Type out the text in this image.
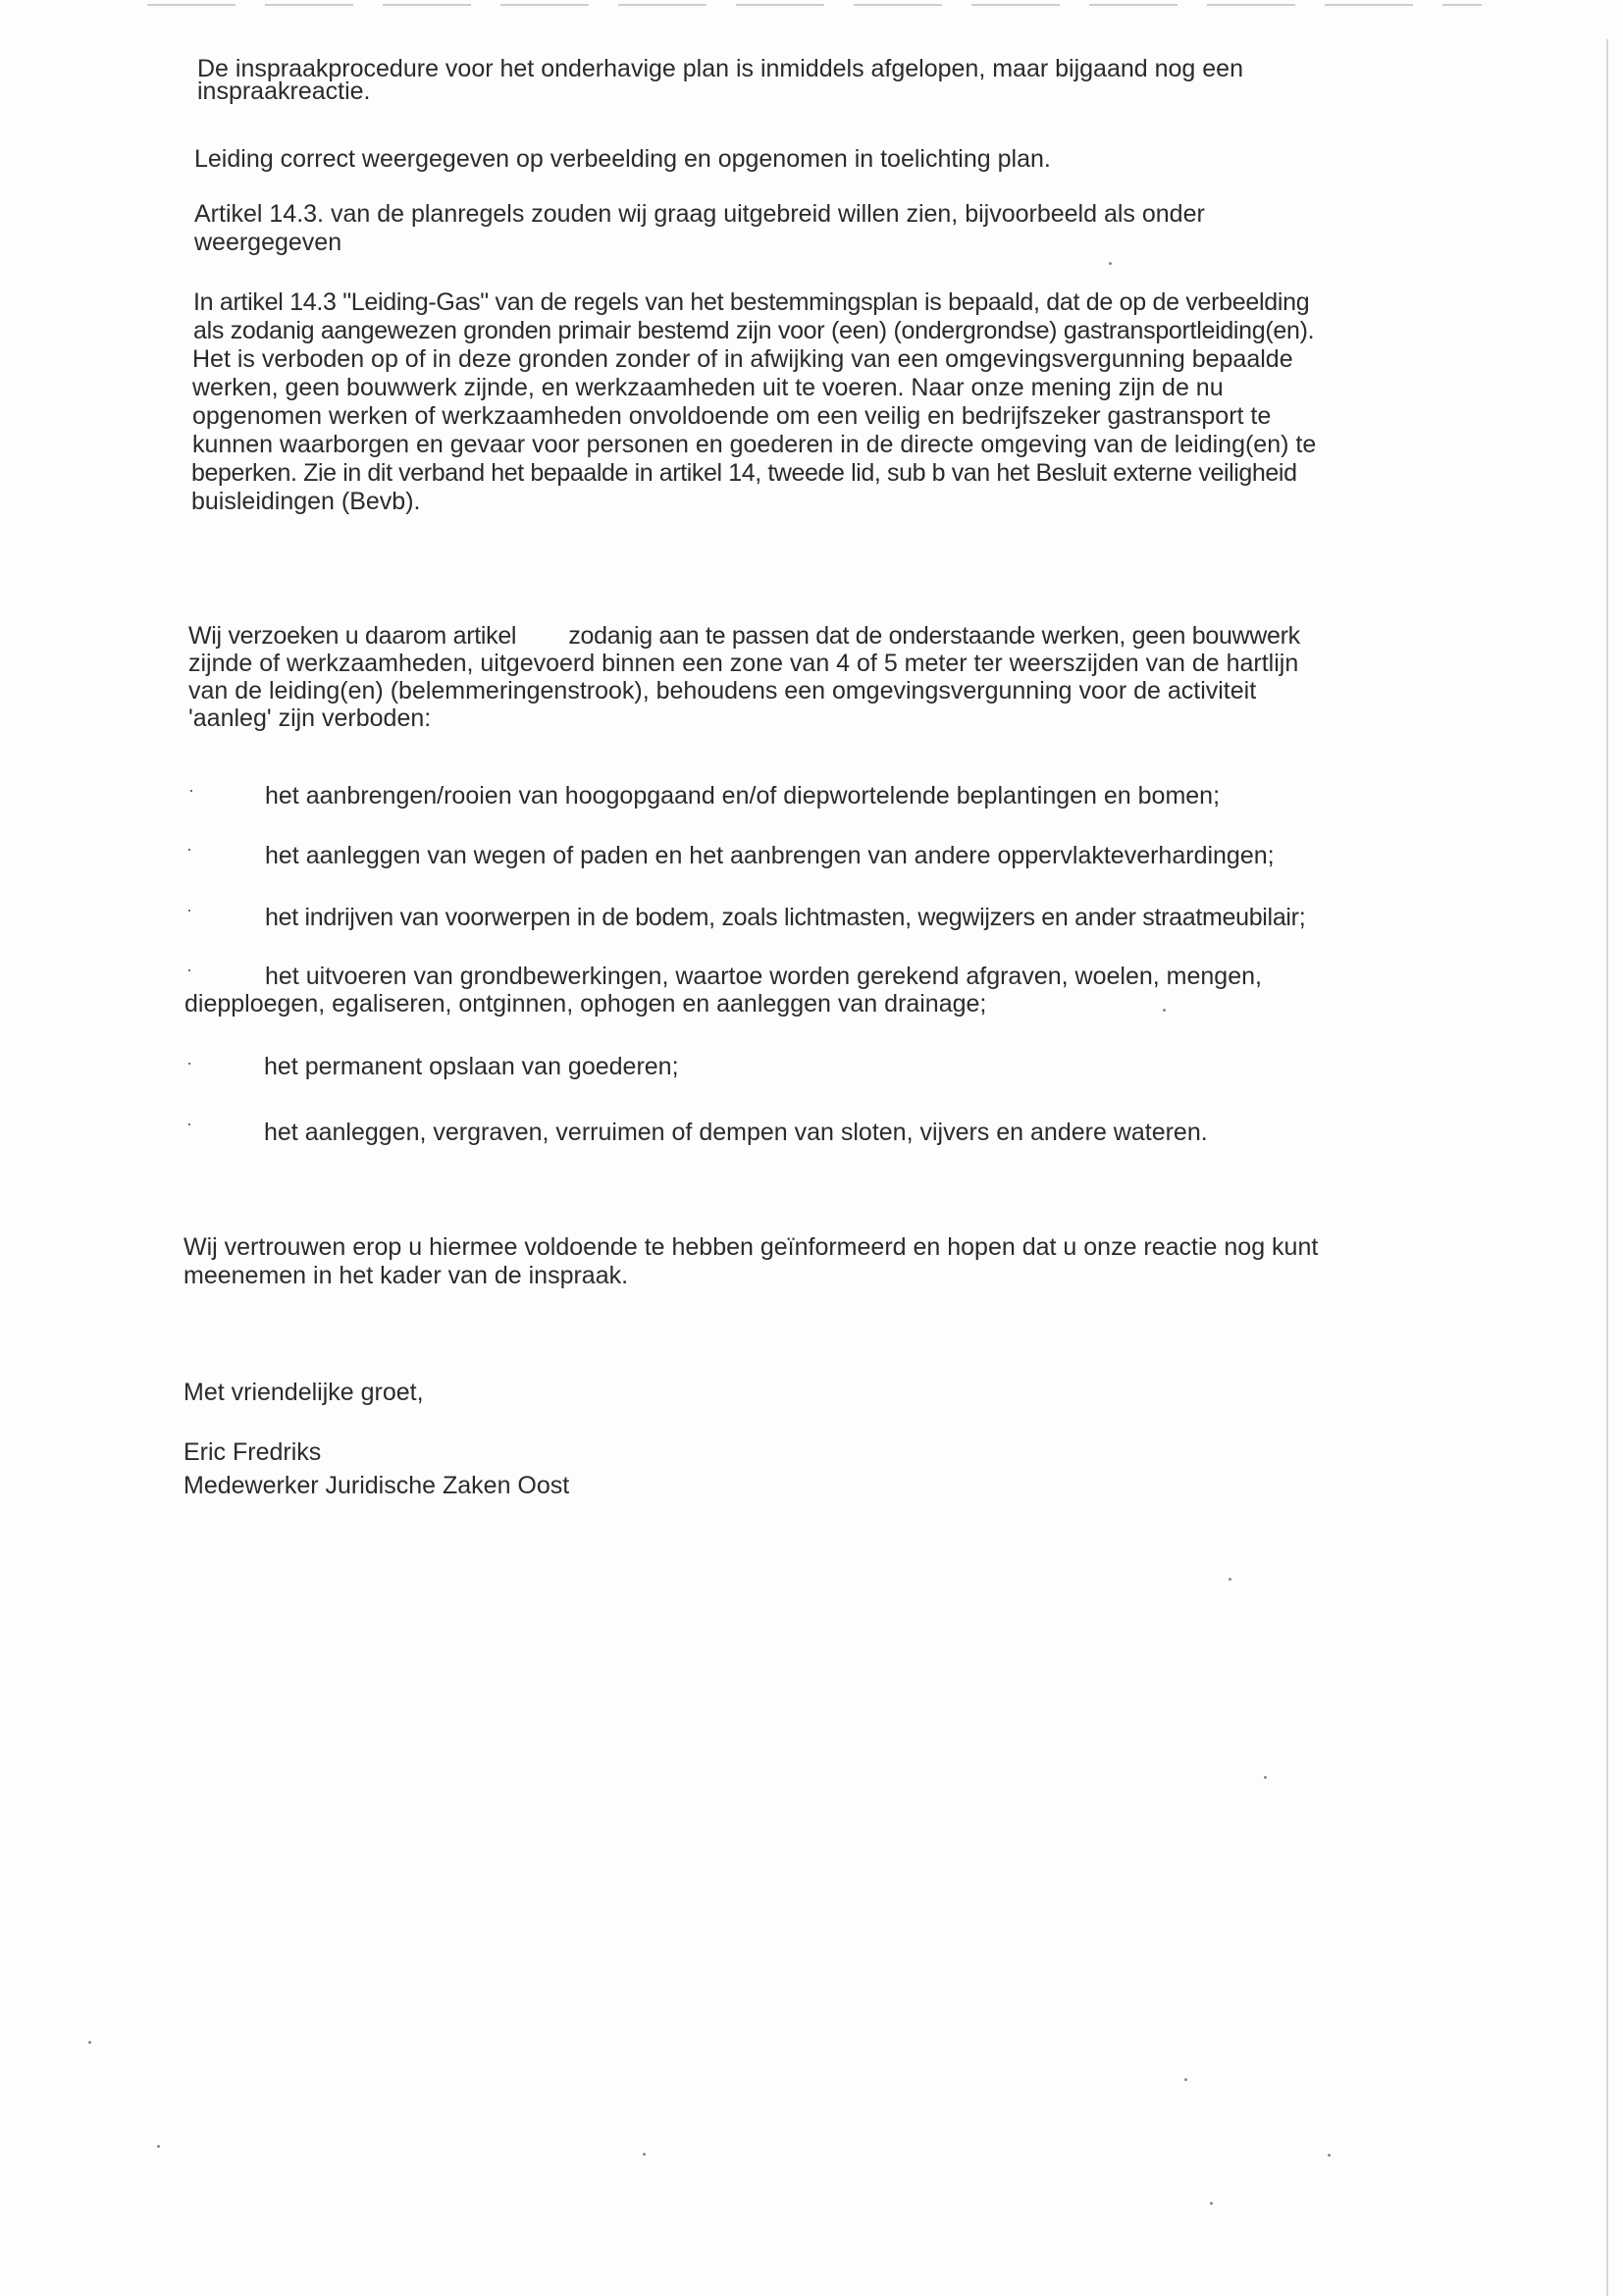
De inspraakprocedure voor het onderhavige plan is inmiddels afgelopen, maar bijgaand nog een

inspraakreactie.

Leiding correct weergegeven op verbeelding en opgenomen in toelichting plan.

Artikel 14.3. van de planregels zouden wij graag uitgebreid willen zien, bijvoorbeeld als onder

weergegeven

In artikel 14.3 "Leiding-Gas" van de regels van het bestemmingsplan is bepaald, dat de op de verbeelding

als zodanig aangewezen gronden primair bestemd zijn voor (een) (ondergrondse) gastransportleiding(en).

Het is verboden op of in deze gronden zonder of in afwijking van een omgevingsvergunning bepaalde

werken, geen bouwwerk zijnde, en werkzaamheden uit te voeren. Naar onze mening zijn de nu

opgenomen werken of werkzaamheden onvoldoende om een veilig en bedrijfszeker gastransport te

kunnen waarborgen en gevaar voor personen en goederen in de directe omgeving van de leiding(en) te

beperken. Zie in dit verband het bepaalde in artikel 14, tweede lid, sub b van het Besluit externe veiligheid

buisleidingen (Bevb).

Wij verzoeken u daarom artikel        zodanig aan te passen dat de onderstaande werken, geen bouwwerk

zijnde of werkzaamheden, uitgevoerd binnen een zone van 4 of 5 meter ter weerszijden van de hartlijn

van de leiding(en) (belemmeringenstrook), behoudens een omgevingsvergunning voor de activiteit

'aanleg' zijn verboden:

·	het aanbrengen/rooien van hoogopgaand en/of diepwortelende beplantingen en bomen;
·	het aanleggen van wegen of paden en het aanbrengen van andere oppervlakteverhardingen;
·	het indrijven van voorwerpen in de bodem, zoals lichtmasten, wegwijzers en ander straatmeubilair;
·	het uitvoeren van grondbewerkingen, waartoe worden gerekend afgraven, woelen, mengen,
diepploegen, egaliseren, ontginnen, ophogen en aanleggen van drainage;
·	het permanent opslaan van goederen;
·	het aanleggen, vergraven, verruimen of dempen van sloten, vijvers en andere wateren.

Wij vertrouwen erop u hiermee voldoende te hebben geïnformeerd en hopen dat u onze reactie nog kunt

meenemen in het kader van de inspraak.

Met vriendelijke groet,

Eric Fredriks

Medewerker Juridische Zaken Oost
